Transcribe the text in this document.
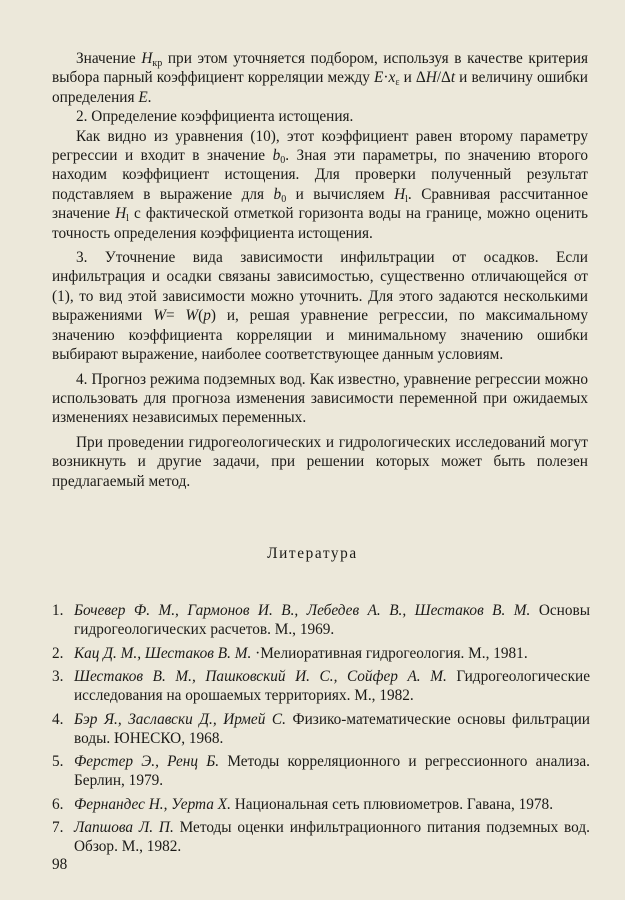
Значение $H_{кр}$ при этом уточняется подбором, используя в качестве критерия выбора парный коэффициент корреляции между $E\cdot x_\varepsilon$ и ΔH/Δt и величину ошибки определения E.

2. Определение коэффициента истощения.

Как видно из уравнения (10), этот коэффициент равен второму параметру регрессии и входит в значение $b_0$. Зная эти параметры, по значению второго находим коэффициент истощения. Для проверки полученный результат подставляем в выражение для $b_0$ и вычисляем $H_l$. Сравнивая рассчитанное значение $H_l$ с фактической отметкой горизонта воды на границе, можно оценить точность определения коэффициента истощения.

3. Уточнение вида зависимости инфильтрации от осадков. Если инфильтрация и осадки связаны зависимостью, существенно отличающейся от (1), то вид этой зависимости можно уточнить. Для этого задаются несколькими выражениями W= W(p) и, решая уравнение регрессии, по максимальному значению коэффициента корреляции и минимальному значению ошибки выбирают выражение, наиболее соответствующее данным условиям.

4. Прогноз режима подземных вод. Как известно, уравнение регрессии можно использовать для прогноза изменения зависимости переменной при ожидаемых изменениях независимых переменных.

При проведении гидрогеологических и гидрологических исследований могут возникнуть и другие задачи, при решении которых может быть полезен предлагаемый метод.

Литература
1. Бочевер Ф. М., Гармонов И. В., Лебедев А. В., Шестаков В. М. Основы гидрогеологических расчетов. М., 1969.
2. Кац Д. М., Шестаков В. М. ·Мелиоративная гидрогеология. М., 1981.
3. Шестаков В. М., Пашковский И. С., Сойфер А. М. Гидрогеологические исследования на орошаемых территориях. М., 1982.
4. Бэр Я., Заславски Д., Ирмей С. Физико-математические основы фильтрации воды. ЮНЕСКО, 1968.
5. Ферстер Э., Ренц Б. Методы корреляционного и регрессионного анализа. Берлин, 1979.
6. Фернандес Н., Уерта Х. Национальная сеть плювиометров. Гавана, 1978.
7. Лапшова Л. П. Методы оценки инфильтрационного питания подземных вод. Обзор. М., 1982.
98
